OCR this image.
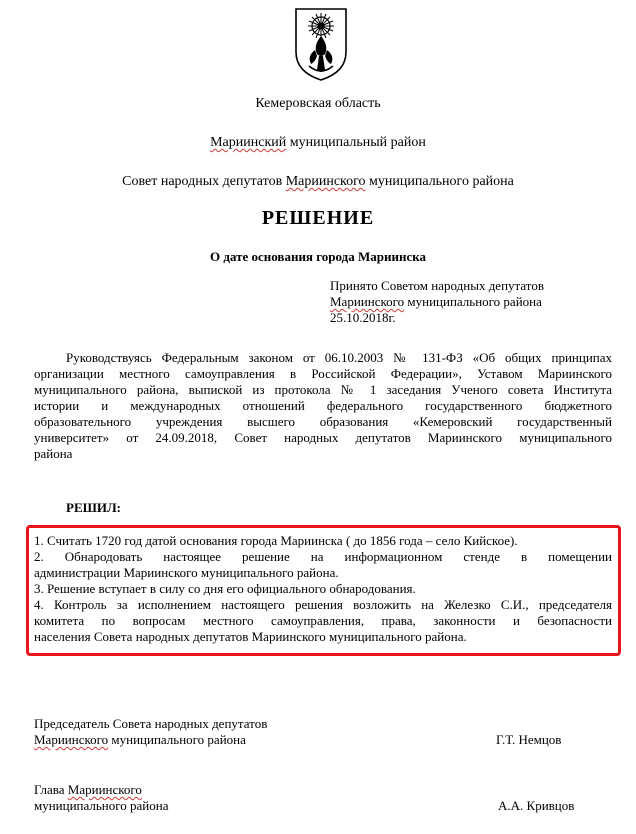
Кемеровская область
Мариинский муниципальный район
Совет народных депутатов Мариинского муниципального района
РЕШЕНИЕ
О дате основания города Мариинска
Принято Советом народных депутатов
Мариинского муниципального района
25.10.2018г.
Руководствуясь Федеральным законом от 06.10.2003 № 131-ФЗ «Об общих принципах
организации местного самоуправления в Российской Федерации», Уставом Мариинского
муниципального района, выпиской из протокола № 1 заседания Ученого совета Института
истории и международных отношений федерального государственного бюджетного
образовательного учреждения высшего образования «Кемеровский государственный
университет» от 24.09.2018, Совет народных депутатов Мариинского муниципального
района
РЕШИЛ:
1. Считать 1720 год датой основания города Мариинска ( до 1856 года – село Кийское).
2. Обнародовать настоящее решение на информационном стенде в помещении
администрации Мариинского муниципального района.
3. Решение вступает в силу со дня его официального обнародования.
4. Контроль за исполнением настоящего решения возложить на Железко С.И., председателя
комитета по вопросам местного самоуправления, права, законности и безопасности
населения Совета народных депутатов Мариинского муниципального района.
Председатель Совета народных депутатов
Мариинского муниципального района	Г.Т. Немцов
Глава Мариинского
муниципального района	А.А. Кривцов
